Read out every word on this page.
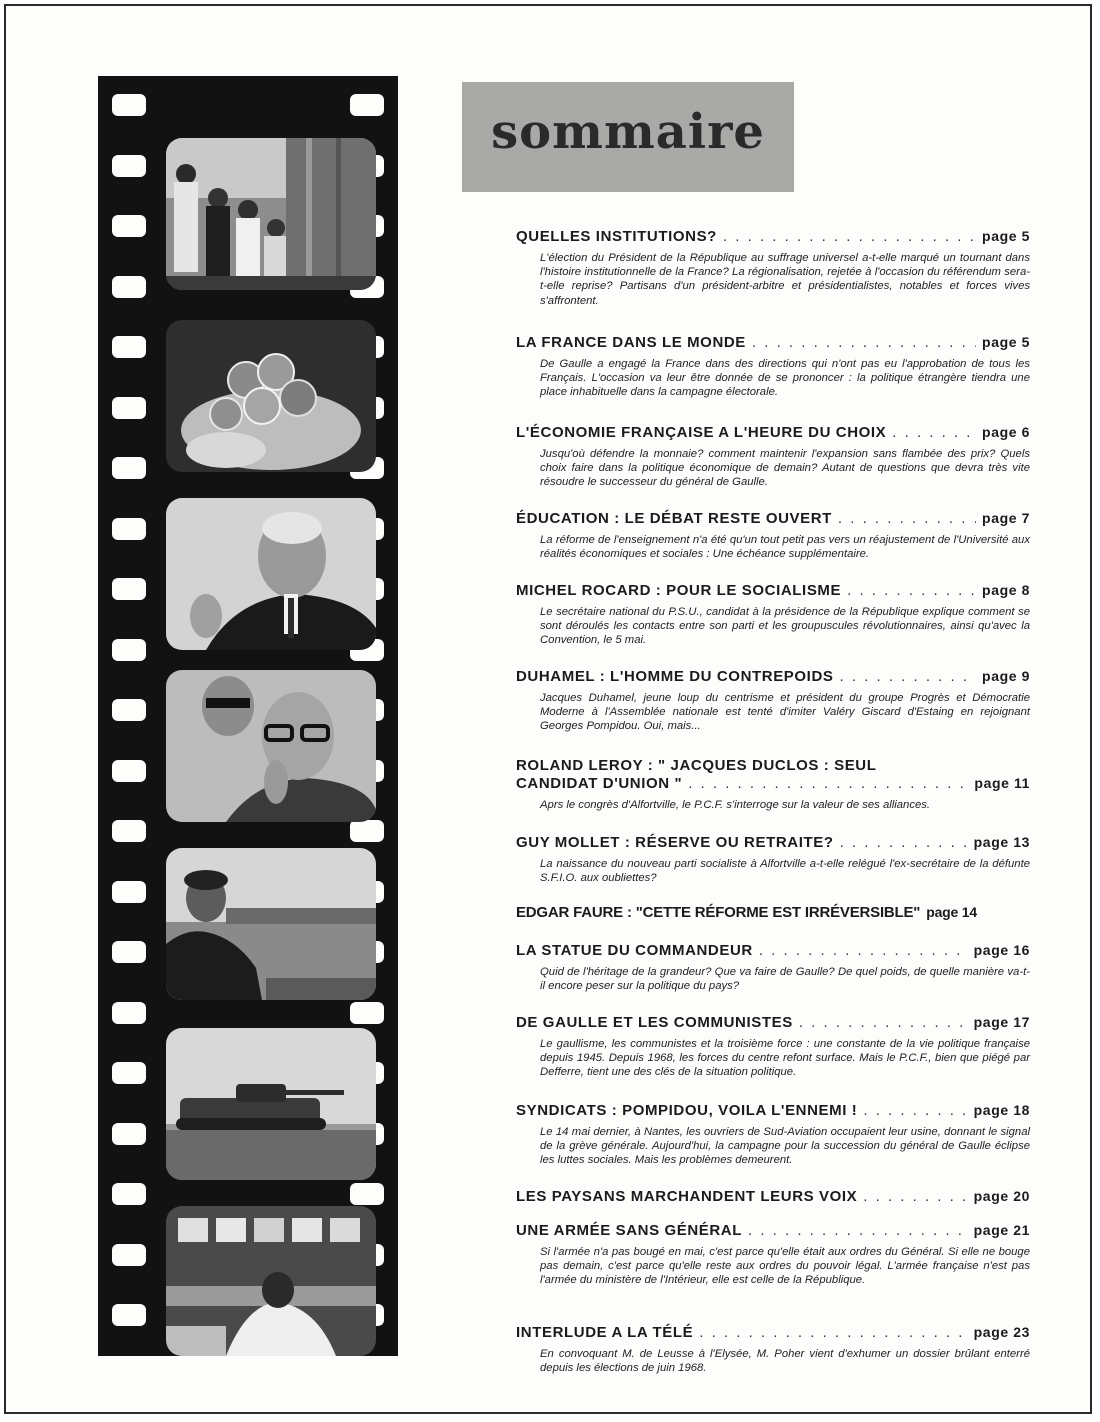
sommaire
QUELLES INSTITUTIONS? . . .	page 5
L'élection du Président de la République au suffrage universel a-t-elle marqué un tournant dans l'histoire institutionnelle de la France? La régionalisation, rejetée à l'occasion du référendum sera-t-elle reprise? Partisans d'un président-arbitre et présidentialistes, notables et forces vives s'affrontent.
LA FRANCE DANS LE MONDE . . .	page 5
De Gaulle a engagé la France dans des directions qui n'ont pas eu l'approbation de tous les Français. L'occasion va leur être donnée de se prononcer : la politique étrangère tiendra une place inhabituelle dans la campagne électorale.
L'ÉCONOMIE FRANÇAISE A L'HEURE DU CHOIX . . .	page 6
Jusqu'où défendre la monnaie? comment maintenir l'expansion sans flambée des prix? Quels choix faire dans la politique économique de demain? Autant de questions que devra très vite résoudre le successeur du général de Gaulle.
ÉDUCATION : LE DÉBAT RESTE OUVERT . . .	page 7
La réforme de l'enseignement n'a été qu'un tout petit pas vers un réajustement de l'Université aux réalités économiques et sociales : Une échéance supplémentaire.
MICHEL ROCARD : POUR LE SOCIALISME . . .	page 8
Le secrétaire national du P.S.U., candidat à la présidence de la République explique comment se sont déroulés les contacts entre son parti et les groupuscules révolutionnaires, ainsi qu'avec la Convention, le 5 mai.
DUHAMEL : L'HOMME DU CONTREPOIDS . . .	page 9
Jacques Duhamel, jeune loup du centrisme et président du groupe Progrès et Démocratie Moderne à l'Assemblée nationale est tenté d'imiter Valéry Giscard d'Estaing en rejoignant Georges Pompidou. Oui, mais...
ROLAND LEROY : " JACQUES DUCLOS : SEUL
CANDIDAT D'UNION " . . .	page 11
Aprs le congrès d'Alfortville, le P.C.F. s'interroge sur la valeur de ses alliances.
GUY MOLLET : RÉSERVE OU RETRAITE? . . .	page 13
La naissance du nouveau parti socialiste à Alfortville a-t-elle relégué l'ex-secrétaire de la défunte S.F.I.O. aux oubliettes?
EDGAR FAURE : "CETTE RÉFORME EST IRRÉVERSIBLE" page 14
LA STATUE DU COMMANDEUR . . .	page 16
Quid de l'héritage de la grandeur? Que va faire de Gaulle? De quel poids, de quelle manière va-t-il encore peser sur la politique du pays?
DE GAULLE ET LES COMMUNISTES . . .	page 17
Le gaullisme, les communistes et la troisième force : une constante de la vie politique française depuis 1945. Depuis 1968, les forces du centre refont surface. Mais le P.C.F., bien que piégé par Defferre, tient une des clés de la situation politique.
SYNDICATS : POMPIDOU, VOILA L'ENNEMI ! . . .	page 18
Le 14 mai dernier, à Nantes, les ouvriers de Sud-Aviation occupaient leur usine, donnant le signal de la grève générale. Aujourd'hui, la campagne pour la succession du général de Gaulle éclipse les luttes sociales. Mais les problèmes demeurent.
LES PAYSANS MARCHANDENT LEURS VOIX . . .	page 20
UNE ARMÉE SANS GÉNÉRAL . . .	page 21
Si l'armée n'a pas bougé en mai, c'est parce qu'elle était aux ordres du Général. Si elle ne bouge pas demain, c'est parce qu'elle reste aux ordres du pouvoir légal. L'armée française n'est pas l'armée du ministère de l'Intérieur, elle est celle de la République.
INTERLUDE A LA TÉLÉ . . .	page 23
En convoquant M. de Leusse à l'Elysée, M. Poher vient d'exhumer un dossier brûlant enterré depuis les élections de juin 1968.
